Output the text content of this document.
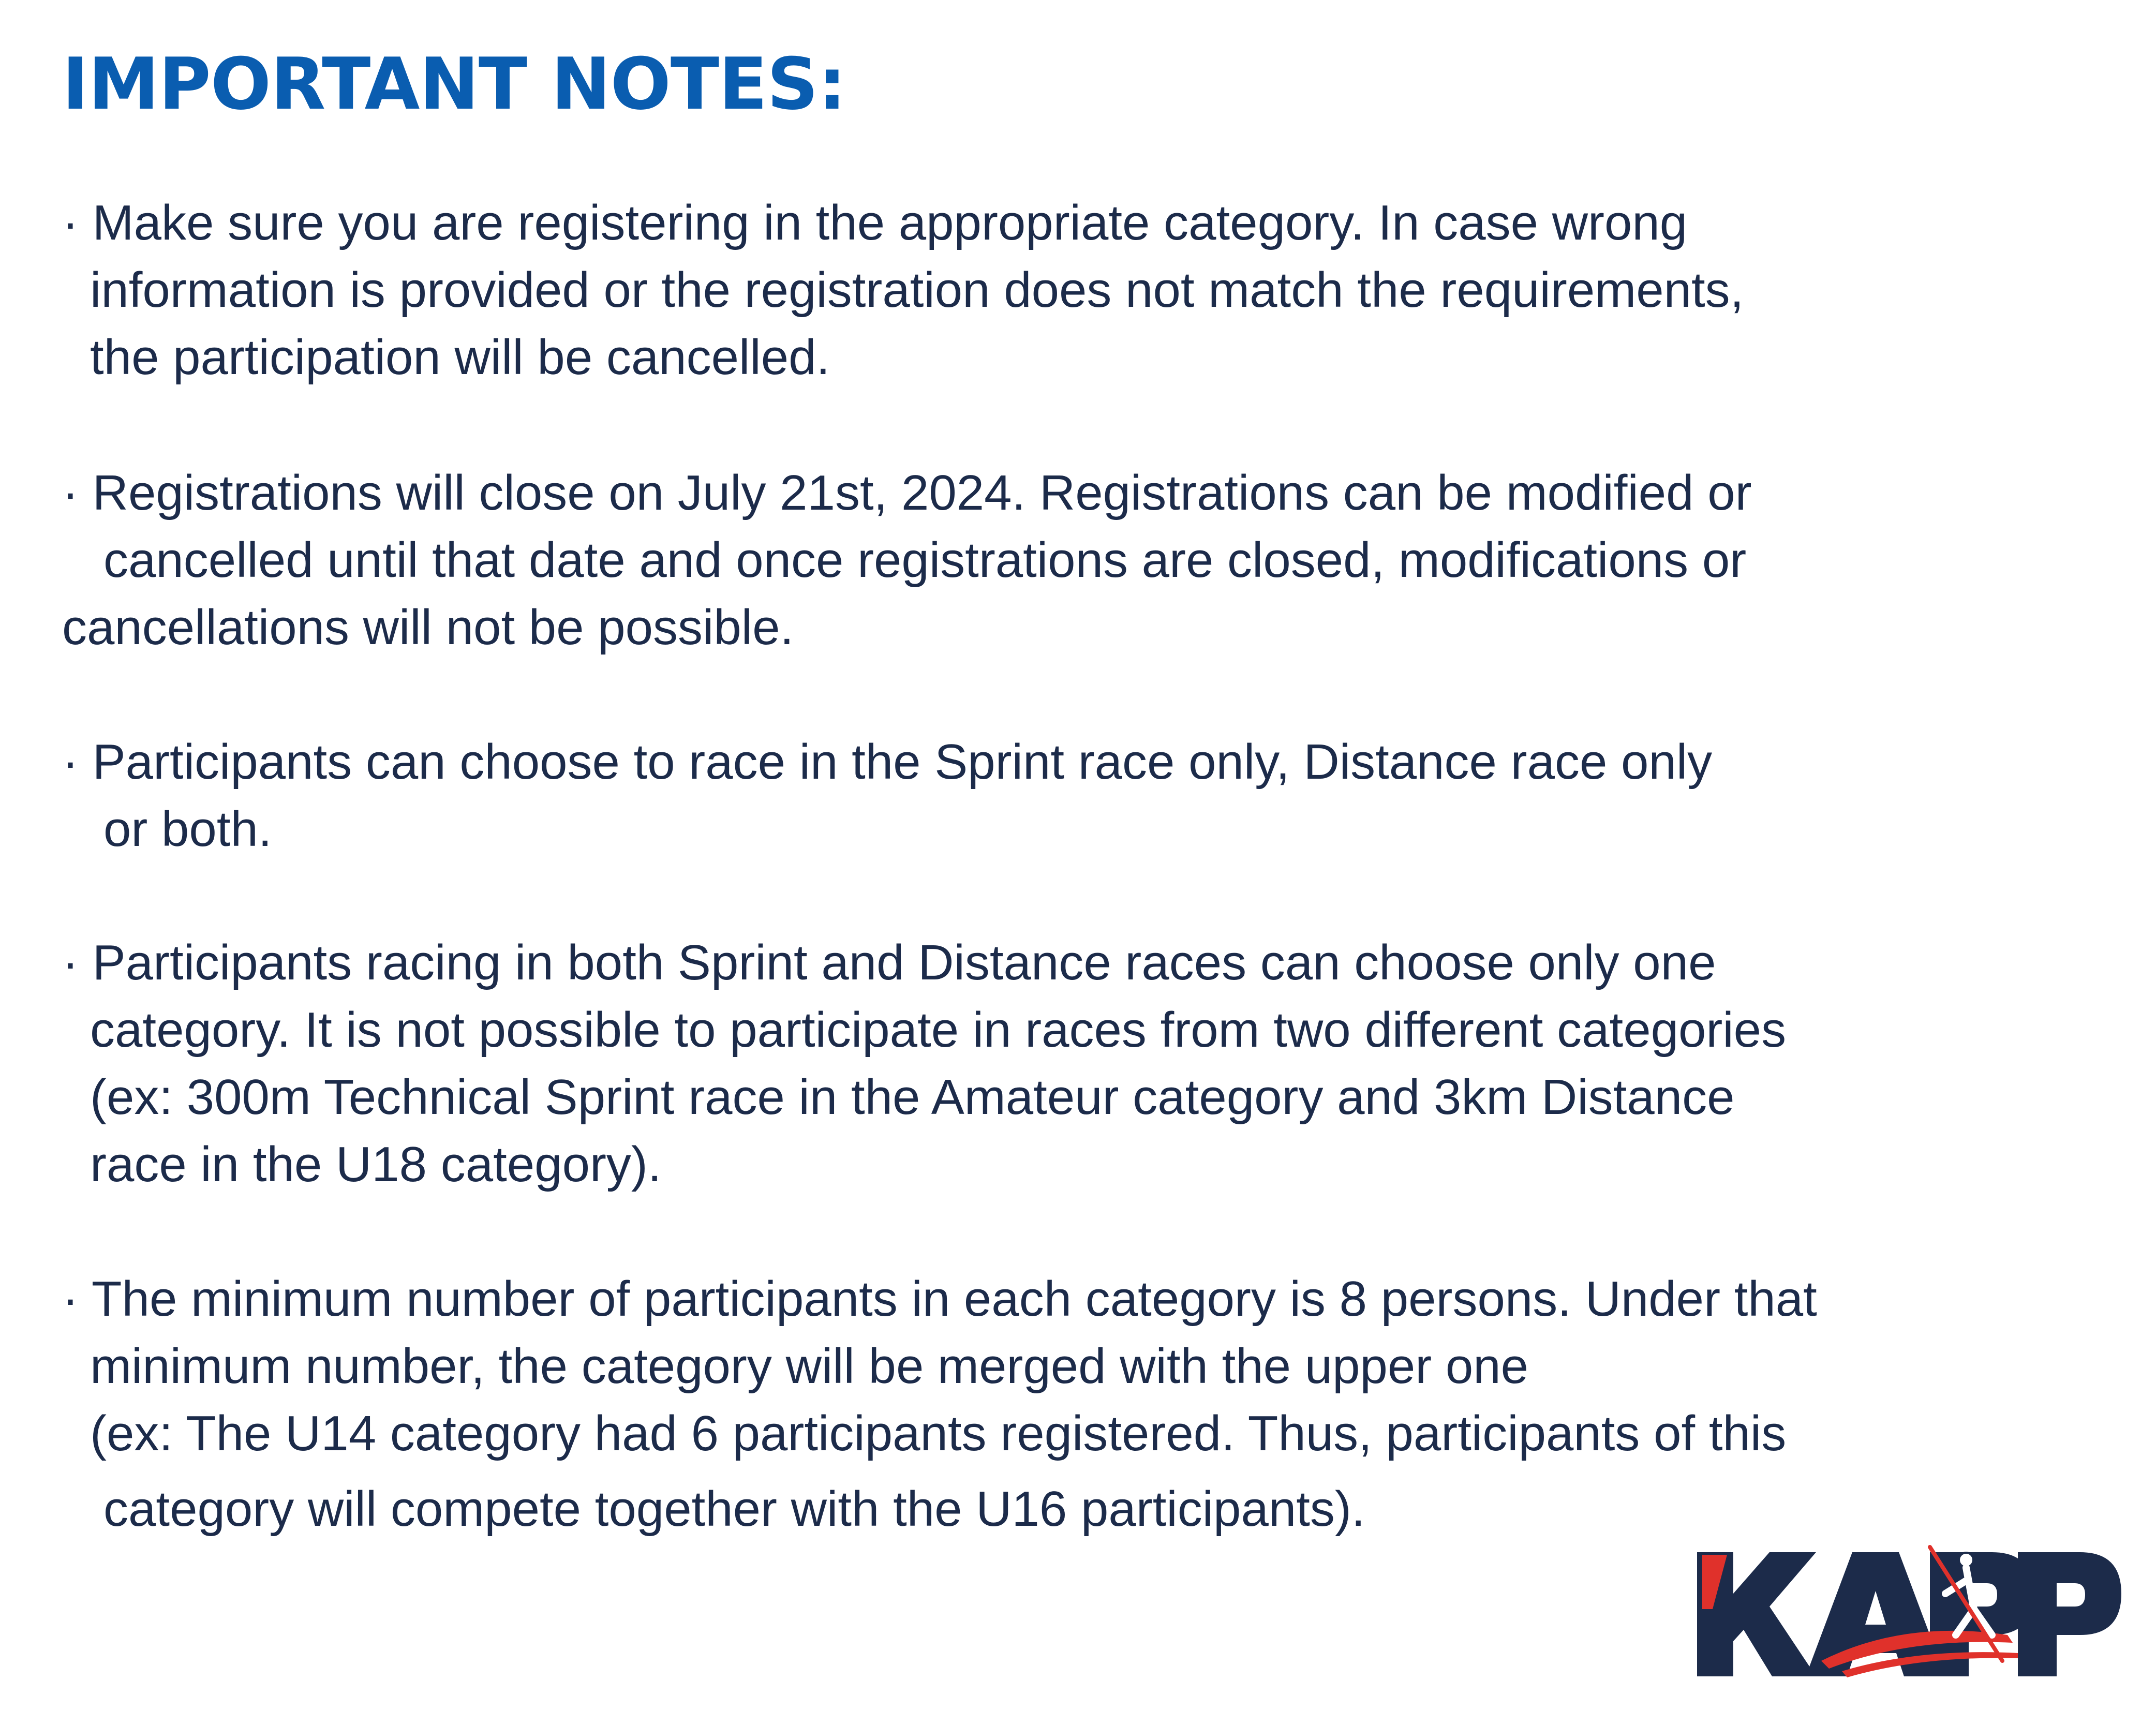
IMPORTANT NOTES:
· Make sure you are registering in the appropriate category. In case wrong
information is provided or the registration does not match the requirements,
the participation will be cancelled.
· Registrations will close on July 21st, 2024. Registrations can be modified or
cancelled until that date and once registrations are closed, modifications or
cancellations will not be possible.
· Participants can choose to race in the Sprint race only, Distance race only
or both.
· Participants racing in both Sprint and Distance races can choose only one
category. It is not possible to participate in races from two different categories
(ex: 300m Technical Sprint race in the Amateur category and 3km Distance
race in the U18 category).
· The minimum number of participants in each category is 8 persons. Under that
minimum number, the category will be merged with the upper one
(ex: The U14 category had 6 participants registered. Thus, participants of this
category will compete together with the U16 participants).
